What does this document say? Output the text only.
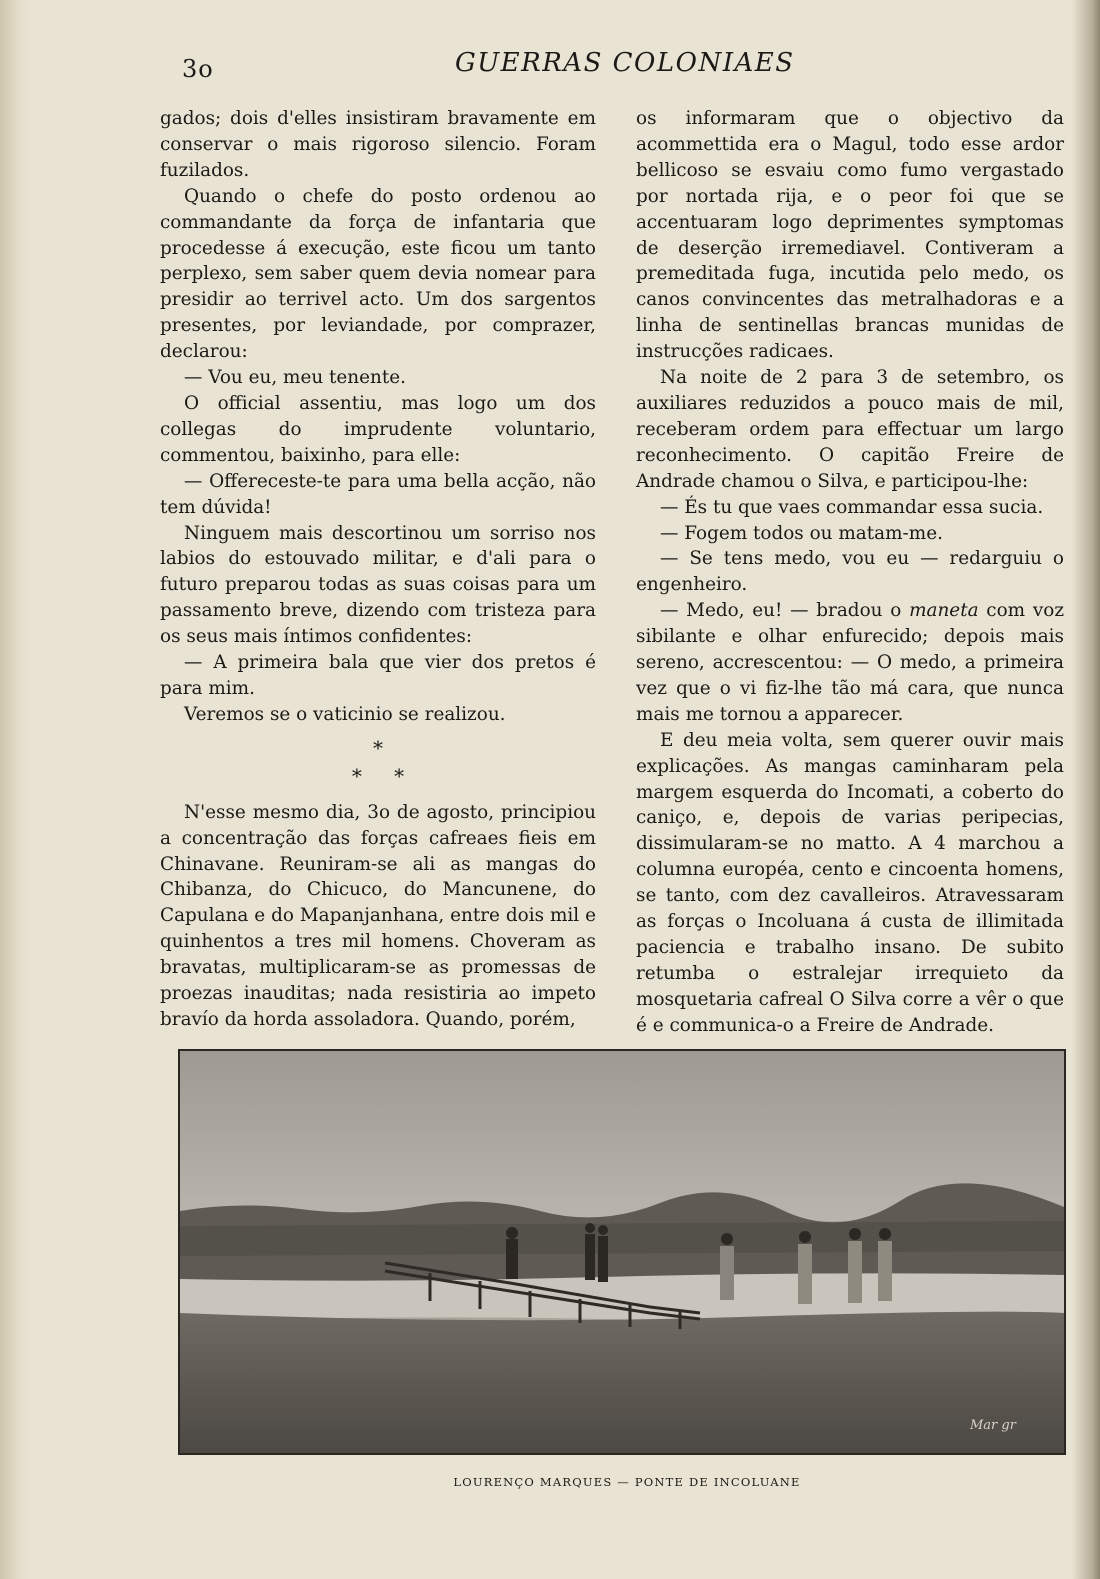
3o	GUERRAS COLONIAES

gados; dois d'elles insistiram bravamente em conservar o mais rigoroso silencio. Foram fuzilados.

Quando o chefe do posto ordenou ao commandante da força de infantaria que procedesse á execução, este ficou um tanto perplexo, sem saber quem devia nomear para presidir ao terrivel acto. Um dos sargentos presentes, por leviandade, por comprazer, declarou:

— Vou eu, meu tenente.

O official assentiu, mas logo um dos collegas do imprudente voluntario, commentou, baixinho, para elle:

— Offereceste-te para uma bella acção, não tem dúvida!

Ninguem mais descortinou um sorriso nos labios do estouvado militar, e d'ali para o futuro preparou todas as suas coisas para um passamento breve, dizendo com tristeza para os seus mais íntimos confidentes:

— A primeira bala que vier dos pretos é para mim.

Veremos se o vaticinio se realizou.

*
* *

N'esse mesmo dia, 3o de agosto, principiou a concentração das forças cafreaes fieis em Chinavane. Reuniram-se ali as mangas do Chibanza, do Chicuco, do Mancunene, do Capulana e do Mapanjanhana, entre dois mil e quinhentos a tres mil homens. Choveram as bravatas, multiplicaram-se as promessas de proezas inauditas; nada resistiria ao impeto bravío da horda assoladora. Quando, porém,

os informaram que o objectivo da acommettida era o Magul, todo esse ardor bellicoso se esvaiu como fumo vergastado por nortada rija, e o peor foi que se accentuaram logo deprimentes symptomas de deserção irremediavel. Contiveram a premeditada fuga, incutida pelo medo, os canos convincentes das metralhadoras e a linha de sentinellas brancas munidas de instrucções radicaes.

Na noite de 2 para 3 de setembro, os auxiliares reduzidos a pouco mais de mil, receberam ordem para effectuar um largo reconhecimento. O capitão Freire de Andrade chamou o Silva, e participou-lhe:

— És tu que vaes commandar essa sucia.

— Fogem todos ou matam-me.

— Se tens medo, vou eu — redarguiu o engenheiro.

— Medo, eu! — bradou o maneta com voz sibilante e olhar enfurecido; depois mais sereno, accrescentou: — O medo, a primeira vez que o vi fiz-lhe tão má cara, que nunca mais me tornou a apparecer.

E deu meia volta, sem querer ouvir mais explicações. As mangas caminharam pela margem esquerda do Incomati, a coberto do caniço, e, depois de varias peripecias, dissimularam-se no matto. A 4 marchou a columna européa, cento e cincoenta homens, se tanto, com dez cavalleiros. Atravessaram as forças o Incoluana á custa de illimitada paciencia e trabalho insano. De subito retumba o estralejar irrequieto da mosquetaria cafreal O Silva corre a vêr o que é e communica-o a Freire de Andrade.

Mar gr
LOURENÇO MARQUES — PONTE DE INCOLUANE
